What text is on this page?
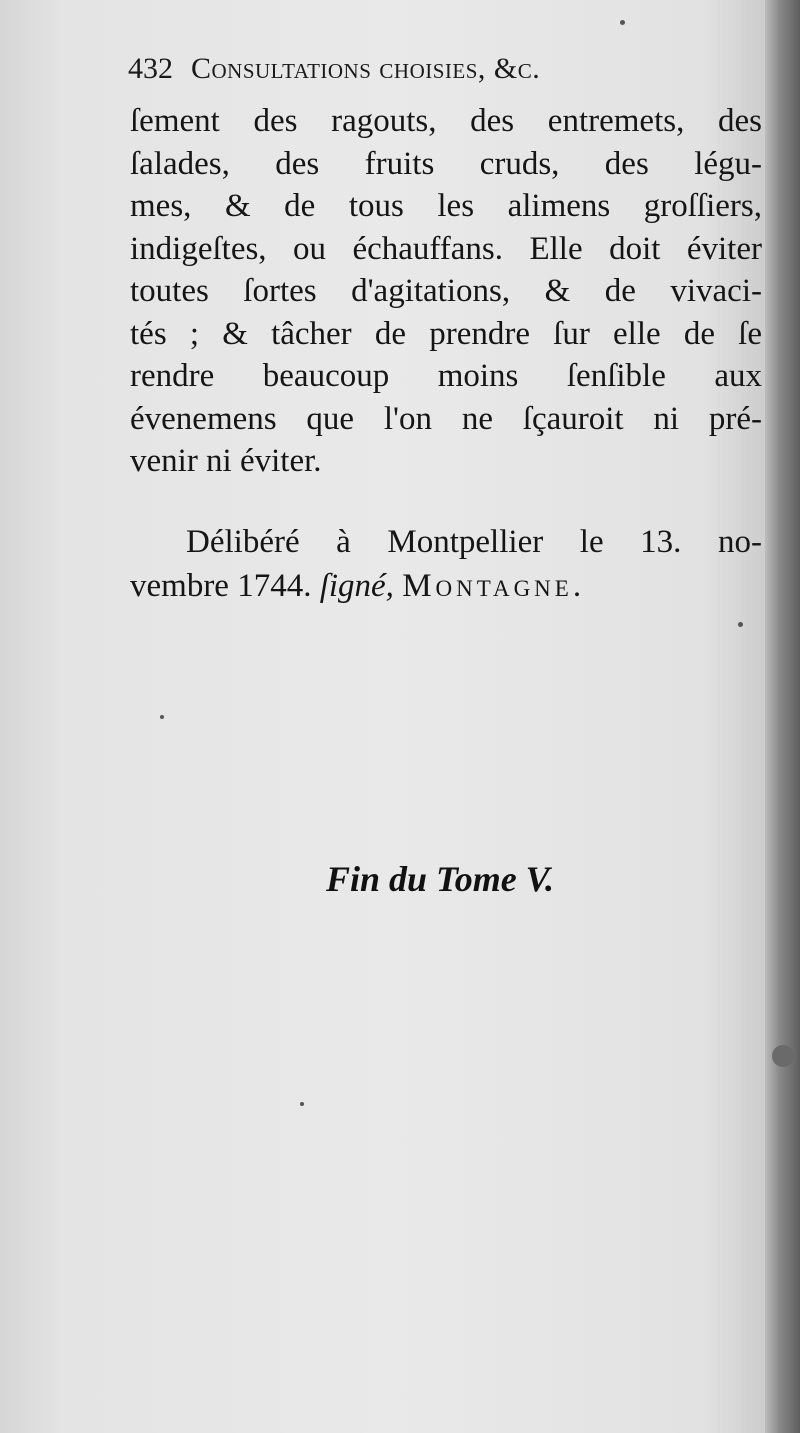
432 Consultations choisies, &c.
ſement des ragouts, des entremets, des
ſalades, des fruits cruds, des légu-
mes, & de tous les alimens groſſiers,
indigeſtes, ou échauffans. Elle doit éviter
toutes ſortes d'agitations, & de vivaci-
tés ; & tâcher de prendre ſur elle de ſe
rendre beaucoup moins ſenſible aux
évenemens que l'on ne ſçauroit ni pré-
venir ni éviter.
Délibéré à Montpellier le 13. no-
vembre 1744. ſigné, Montagne.
Fin du Tome V.
